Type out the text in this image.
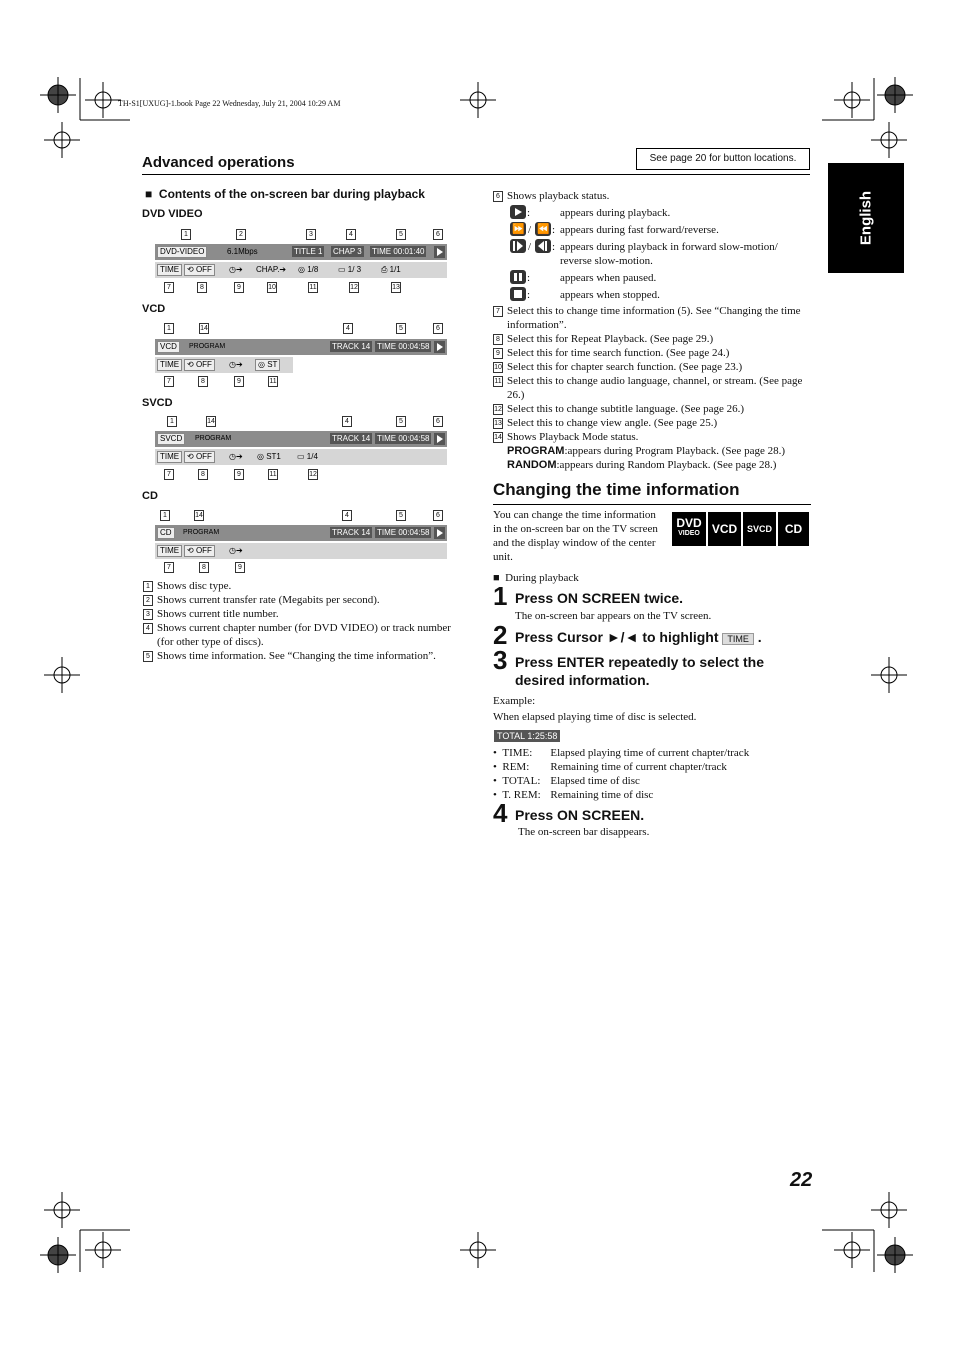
TH-S1[UXUG]-1.book Page 22 Wednesday, July 21, 2004 10:29 AM
Advanced operations	See page 20 for button locations.
English
■  Contents of the on-screen bar during playback
DVD VIDEO
1	2	3	4	5	6
DVD-VIDEO	6.1Mbps	TITLE 1 CHAP 3 TIME 00:01:40
TIME ⟲ OFF	◷➔ CHAP.➔ ◎ 1/8 ▭ 1/ 3 ⎙ 1/1
7	8	9	10	11	12	13
VCD
1	14	4	5	6
VCD	PROGRAM	TRACK 14 TIME 00:04:58
TIME ⟲ OFF	◷➔	◎ ST
7	8	9	11
SVCD
1	14	4	5	6
SVCD	PROGRAM	TRACK 14 TIME 00:04:58
TIME ⟲ OFF	◷➔ ◎ ST1 ▭ 1/4
7	8	9	11	12
CD
1	14	4	5	6
CD	PROGRAM	TRACK 14 TIME 00:04:58
TIME ⟲ OFF	◷➔
7	8	9
1 Shows disc type.
2 Shows current transfer rate (Megabits per second).
3 Shows current title number.
4 Shows current chapter number (for DVD VIDEO) or track number (for other type of discs).
5 Shows time information. See “Changing the time information”.
6 Shows playback status.
:	appears during playback.
⏩ / ⏪ : appears during fast forward/reverse.
/ : appears during playback in forward slow-motion/ reverse slow-motion.
:	appears when paused.
:	appears when stopped.
7 Select this to change time information (5). See “Changing the time information”.
8 Select this for Repeat Playback. (See page 29.)
9 Select this for time search function. (See page 24.)
10 Select this for chapter search function. (See page 23.)
11 Select this to change audio language, channel, or stream. (See page 26.)
12 Select this to change subtitle language. (See page 26.)
13 Select this to change view angle. (See page 25.)
14 Shows Playback Mode status.
PROGRAM:appears during Program Playback. (See page 28.)
RANDOM:appears during Random Playback. (See page 28.)
Changing the time information
You can change the time information in the on-screen bar on the TV screen and the display window of the center unit.
DVD
VIDEO VCD	SVCD	CD
■  During playback
1 Press ON SCREEN twice.
The on-screen bar appears on the TV screen.
2 Press Cursor ►/◄ to highlight TIME .
3 Press ENTER repeatedly to select the desired information.
Example:
When elapsed playing time of disc is selected.
TOTAL 1:25:58
•  TIME: Elapsed playing time of current chapter/track
•  REM: Remaining time of current chapter/track
•  TOTAL: Elapsed time of disc
•  T. REM: Remaining time of disc
4 Press ON SCREEN.
The on-screen bar disappears.
22
